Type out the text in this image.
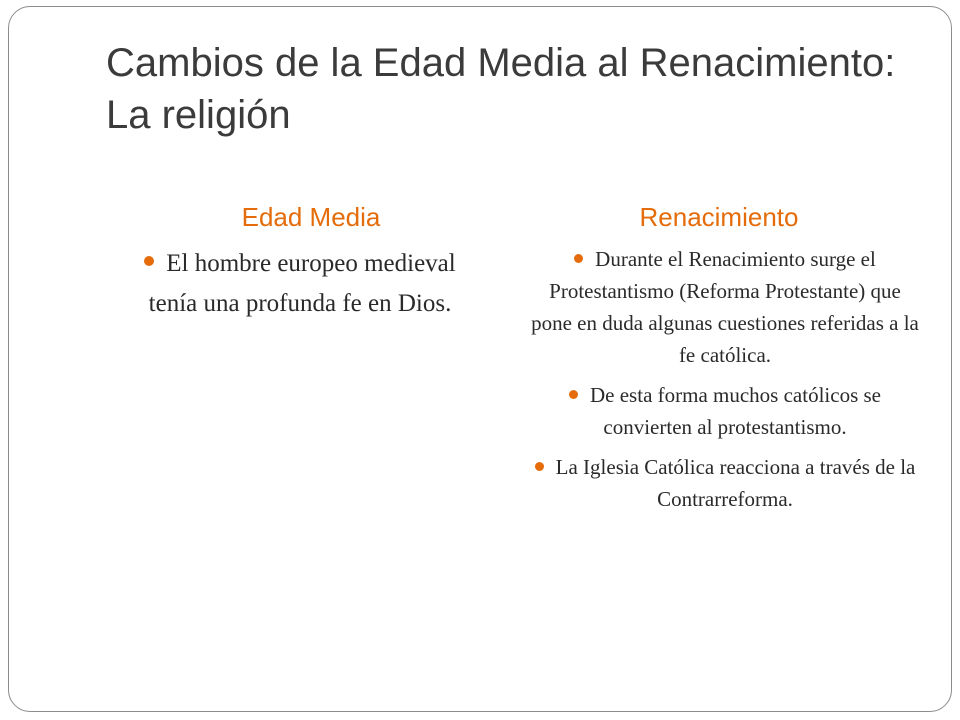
Cambios de la Edad Media al Renacimiento: La religión
Edad Media	Renacimiento
El hombre europeo medieval tenía una profunda fe en Dios.
Durante el Renacimiento surge el Protestantismo (Reforma Protestante) que pone en duda algunas cuestiones referidas a la fe católica.
De esta forma muchos católicos se convierten al protestantismo.
La Iglesia Católica reacciona a través de la Contrarreforma.
